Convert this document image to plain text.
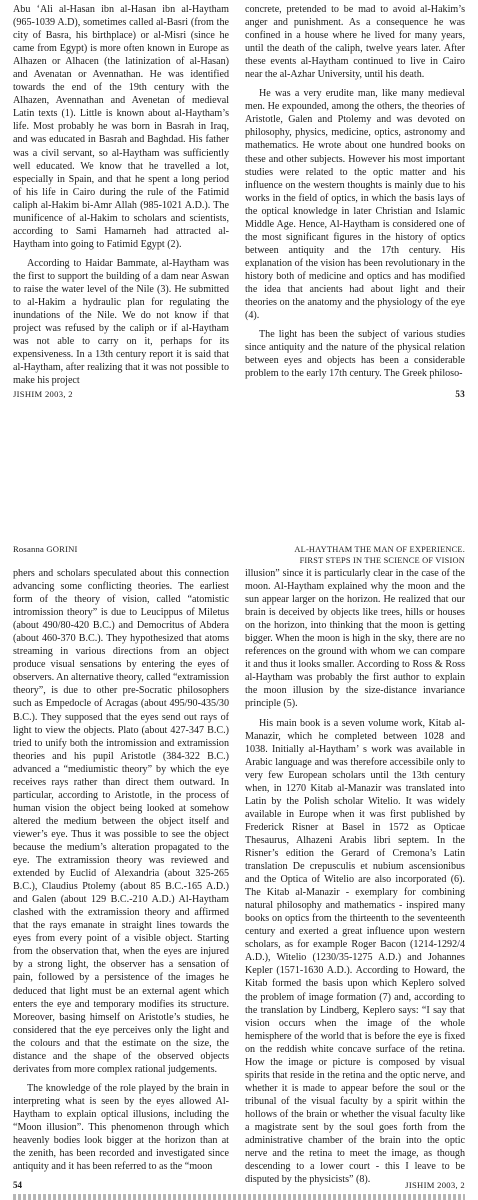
Abu ‘Ali al-Hasan ibn al-Hasan ibn al-Haytham (965-1039 A.D), sometimes called al-Basri (from the city of Basra, his birthplace) or al-Misri (since he came from Egypt) is more often known in Europe as Alhazen or Alhacen (the latinization of al-Hasan) and Avenatan or Avennathan. He was identified towards the end of the 19th century with the Alhazen, Avennathan and Avenetan of medieval Latin texts (1). Little is known about al-Haytham’s life. Most probably he was born in Basrah in Iraq, and was educated in Basrah and Baghdad. His father was a civil servant, so al-Haytham was sufficiently well educated. We know that he travelled a lot, especially in Spain, and that he spent a long period of his life in Cairo during the rule of the Fatimid caliph al-Hakim bi-Amr Allah (985-1021 A.D.). The munificence of al-Hakim to scholars and scientists, according to Sami Hamarneh had attracted al-Haytham into going to Fatimid Egypt (2).

According to Haidar Bammate, al-Haytham was the first to support the building of a dam near Aswan to raise the water level of the Nile (3). He submitted to al-Hakim a hydraulic plan for regulating the inundations of the Nile. We do not know if that project was refused by the caliph or if al-Haytham was not able to carry on it, perhaps for its expensiveness. In a 13th century report it is said that al-Haytham, after realizing that it was not possible to make his project

concrete, pretended to be mad to avoid al-Hakim’s anger and punishment. As a consequence he was confined in a house where he lived for many years, until the death of the caliph, twelve years later. After these events al-Haytham continued to live in Cairo near the al-Azhar University, until his death.

He was a very erudite man, like many medieval men. He expounded, among the others, the theories of Aristotle, Galen and Ptolemy and was devoted on philosophy, physics, medicine, optics, astronomy and mathematics. He wrote about one hundred books on these and other subjects. However his most important studies were related to the optic matter and his influence on the western thoughts is mainly due to his works in the field of optics, in which the basis lays of the optical knowledge in later Christian and Islamic Middle Age. Hence, Al-Haytham is considered one of the most significant figures in the history of optics between antiquity and the 17th century. His explanation of the vision has been revolutionary in the history both of medicine and optics and has modified the idea that ancients had about light and their theories on the anatomy and the physiology of the eye (4).

The light has been the subject of various studies since antiquity and the nature of the physical relation between eyes and objects has been a considerable problem to the early 17th century. The Greek philoso-

JISHIM 2003, 2	53
Rosanna GORINI	AL-HAYTHAM THE MAN OF EXPERIENCE.
FIRST STEPS IN THE SCIENCE OF VISION

phers and scholars speculated about this connection advancing some conflicting theories. The earliest form of the theory of vision, called “atomistic intromission theory” is due to Leucippus of Miletus (about 490/80-420 B.C.) and Democritus of Abdera (about 460-370 B.C.). They hypothesized that atoms streaming in various directions from an object produce visual sensations by entering the eyes of observers. An alternative theory, called “extramission theory”, is due to other pre-Socratic philosophers such as Empedocle of Acragas (about 495/90-435/30 B.C.). They supposed that the eyes send out rays of light to view the objects. Plato (about 427-347 B.C.) tried to unify both the intromission and extramission theories and his pupil Aristotle (384-322 B.C.) advanced a “mediumistic theory” by which the eye receives rays rather than direct them outward. In particular, according to Aristotle, in the process of human vision the object being looked at somehow altered the medium between the object itself and viewer’s eye. Thus it was possible to see the object because the medium’s alteration propagated to the eye. The extramission theory was reviewed and extended by Euclid of Alexandria (about 325-265 B.C.), Claudius Ptolemy (about 85 B.C.-165 A.D.) and Galen (about 129 B.C.-210 A.D.) Al-Haytham clashed with the extramission theory and affirmed that the rays emanate in straight lines towards the eyes from every point of a visible object. Starting from the observation that, when the eyes are injured by a strong light, the observer has a sensation of pain, followed by a persistence of the images he deduced that light must be an external agent which enters the eye and temporary modifies its structure. Moreover, basing himself on Aristotle’s studies, he considered that the eye perceives only the light and the colours and that the estimate on the size, the distance and the shape of the observed objects derivates from more complex rational judgements.

The knowledge of the role played by the brain in interpreting what is seen by the eyes allowed Al-Haytham to explain optical illusions, including the “Moon illusion”. This phenomenon through which heavenly bodies look bigger at the horizon than at the zenith, has been recorded and investigated since antiquity and it has been referred to as the “moon

illusion” since it is particularly clear in the case of the moon. Al-Haytham explained why the moon and the sun appear larger on the horizon. He realized that our brain is deceived by objects like trees, hills or houses on the horizon, into thinking that the moon is getting bigger. When the moon is high in the sky, there are no references on the ground with whom we can compare it and thus it looks smaller. According to Ross & Ross al-Haytham was probably the first author to explain the moon illusion by the size-distance invariance principle (5).

His main book is a seven volume work, Kitab al-Manazir, which he completed between 1028 and 1038. Initially al-Haytham’ s work was available in Arabic language and was therefore accessibile only to very few European scholars until the 13th century when, in 1270 Kitab al-Manazir was translated into Latin by the Polish scholar Witelio. It was widely available in Europe when it was first published by Frederick Risner at Basel in 1572 as Opticae Thesaurus, Alhazeni Arabis libri septem. In the Risner’s edition the Gerard of Cremona’s Latin translation De crepusculis et nubium ascensionibus and the Optica of Witelio are also incorporated (6). The Kitab al-Manazir - exemplary for combining natural philosophy and mathematics - inspired many books on optics from the thirteenth to the seventeenth century and exerted a great influence upon western scholars, as for example Roger Bacon (1214-1292/4 A.D.), Witelio (1230/35-1275 A.D.) and Johannes Kepler (1571-1630 A.D.). According to Howard, the Kitab formed the basis upon which Keplero solved the problem of image formation (7) and, according to the translation by Lindberg, Keplero says: “I say that vision occurs when the image of the whole hemisphere of the world that is before the eye is fixed on the reddish white concave surface of the retina. How the image or picture is composed by visual spirits that reside in the retina and the optic nerve, and whether it is made to appear before the soul or the tribunal of the visual faculty by a spirit within the hollows of the brain or whether the visual faculty like a magistrate sent by the soul goes forth from the administrative chamber of the brain into the optic nerve and the retina to meet the image, as though descending to a lower court - this I leave to be disputed by the physicists” (8).

54	JISHIM 2003, 2
